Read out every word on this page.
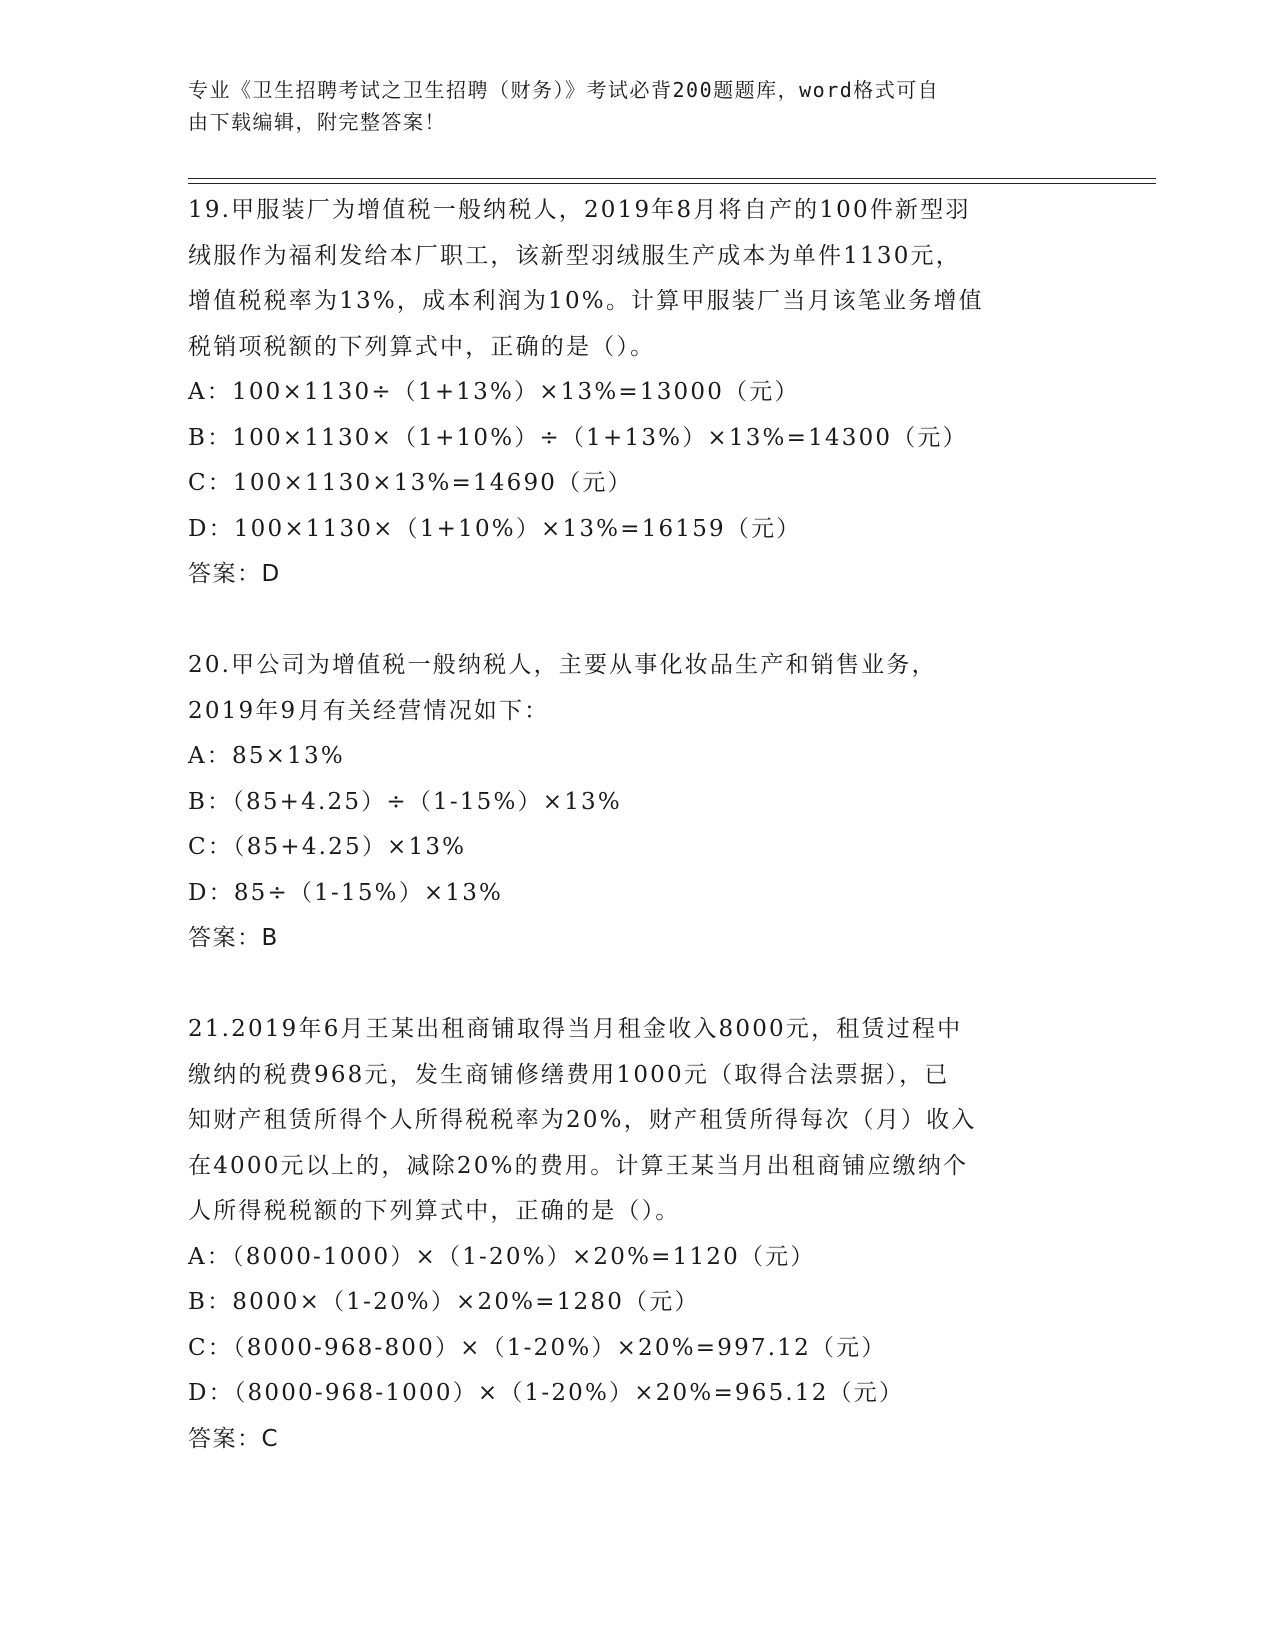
专业《卫生招聘考试之卫生招聘（财务）》考试必背200题题库，word格式可自
由下载编辑，附完整答案！
19.甲服装厂为增值税一般纳税人，2019年8月将自产的100件新型羽
绒服作为福利发给本厂职工，该新型羽绒服生产成本为单件1130元，
增值税税率为13%，成本利润为10%。计算甲服装厂当月该笔业务增值
税销项税额的下列算式中，正确的是（）。
A：100×1130÷（1+13%）×13%=13000（元）
B：100×1130×（1+10%）÷（1+13%）×13%=14300（元）
C：100×1130×13%=14690（元）
D：100×1130×（1+10%）×13%=16159（元）
答案：D
20.甲公司为增值税一般纳税人，主要从事化妆品生产和销售业务，
2019年9月有关经营情况如下：
A：85×13%
B：（85+4.25）÷（1-15%）×13%
C：（85+4.25）×13%
D：85÷（1-15%）×13%
答案：B
21.2019年6月王某出租商铺取得当月租金收入8000元，租赁过程中
缴纳的税费968元，发生商铺修缮费用1000元（取得合法票据），已
知财产租赁所得个人所得税税率为20%，财产租赁所得每次（月）收入
在4000元以上的，减除20%的费用。计算王某当月出租商铺应缴纳个
人所得税税额的下列算式中，正确的是（）。
A：（8000-1000）×（1-20%）×20%=1120（元）
B：8000×（1-20%）×20%=1280（元）
C：（8000-968-800）×（1-20%）×20%=997.12（元）
D：（8000-968-1000）×（1-20%）×20%=965.12（元）
答案：C
